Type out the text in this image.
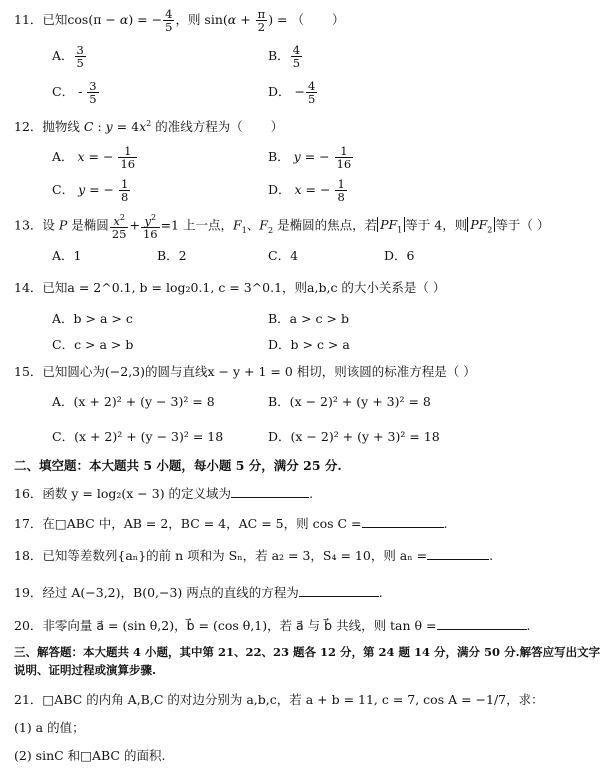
11．已知cos(π − α) = − $\frac{4}{5}$ ，则 $\sin(\alpha + \frac{\pi}{2}$ ) = （ ）
A． $\frac{3}{5}$	B． $\frac{4}{5}$
C． - $\frac{3}{5}$	D． − $\frac{4}{5}$
12．抛物线 C : $y = 4x^2$ 的准线方程为（ ）
A． x = − $\frac{1}{16}$	B． y = − $\frac{1}{16}$
C． y = − $\frac{1}{8}$	D． x = − $\frac{1}{8}$
13．设 P 是椭圆 $\frac{x^2}{25} + \frac{y^2}{16} =1$ 上一点，$F_1$、$F_2$ 是椭圆的焦点，若 $PF_1$ 等于 4，则 $PF_2$ 等于（ ）
A．1	B．2	C．4	D．6
14．已知a = 2^0.1, b = log₂0.1, c = 3^0.1，则a,b,c 的大小关系是（ ）
A．b > a > c	B．a > c > b
C．c > a > b	D．b > c > a
15．已知圆心为(−2,3)的圆与直线x − y + 1 = 0 相切，则该圆的标准方程是（ ）
A．(x + 2)² + (y − 3)² = 8	B．(x − 2)² + (y + 3)² = 8
C．(x + 2)² + (y − 3)² = 18	D．(x − 2)² + (y + 3)² = 18
二、填空题：本大题共 5 小题，每小题 5 分，满分 25 分.
16．函数 y = log₂(x − 3) 的定义域为	.
17．在□ABC 中，AB = 2，BC = 4，AC = 5，则 cos C =	.
18．已知等差数列{aₙ}的前 n 项和为 Sₙ，若 a₂ = 3，S₄ = 10，则 aₙ =	.
19．经过 A(−3,2)，B(0,−3) 两点的直线的方程为	.
20．非零向量 a⃗ = (sin θ,2)，b⃗ = (cos θ,1)，若 a⃗ 与 b⃗ 共线，则 tan θ =	.
三、解答题：本大题共 4 小题，其中第 21、22、23 题各 12 分，第 24 题 14 分，满分 50 分.解答应写出文字
说明、证明过程或演算步骤.
21．□ABC 的内角 A,B,C 的对边分别为 a,b,c，若 a + b = 11, c = 7, cos A = −1/7，求：
(1) a 的值；
(2) sinC 和□ABC 的面积.
